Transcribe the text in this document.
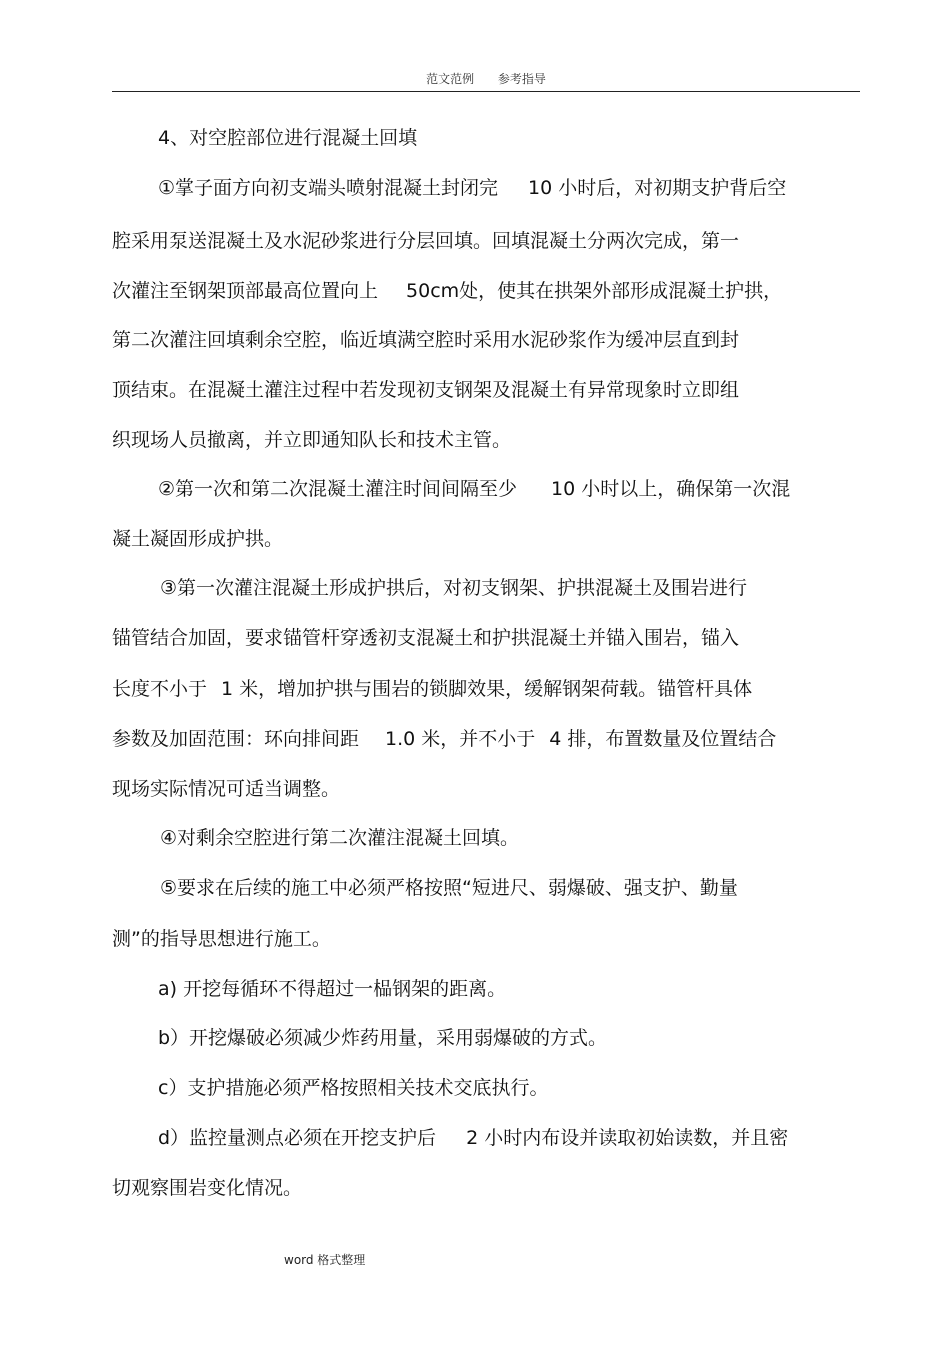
范文范例 参考指导
4、对空腔部位进行混凝土回填
①掌子面方向初支端头喷射混凝土封闭完 10 小时后，对初期支护背后空
腔采用泵送混凝土及水泥砂浆进行分层回填。回填混凝土分两次完成，第一
次灌注至钢架顶部最高位置向上 50cm处，使其在拱架外部形成混凝土护拱，
第二次灌注回填剩余空腔，临近填满空腔时采用水泥砂浆作为缓冲层直到封
顶结束。在混凝土灌注过程中若发现初支钢架及混凝土有异常现象时立即组
织现场人员撤离，并立即通知队长和技术主管。
②第一次和第二次混凝土灌注时间间隔至少 10 小时以上，确保第一次混
凝土凝固形成护拱。
③第一次灌注混凝土形成护拱后，对初支钢架、护拱混凝土及围岩进行
锚管结合加固，要求锚管杆穿透初支混凝土和护拱混凝土并锚入围岩，锚入
长度不小于 1 米，增加护拱与围岩的锁脚效果，缓解钢架荷载。锚管杆具体
参数及加固范围：环向排间距 1.0 米，并不小于 4 排，布置数量及位置结合
现场实际情况可适当调整。
④对剩余空腔进行第二次灌注混凝土回填。
⑤要求在后续的施工中必须严格按照“短进尺、弱爆破、强支护、勤量
测”的指导思想进行施工。
a) 开挖每循环不得超过一榀钢架的距离。
b）开挖爆破必须减少炸药用量，采用弱爆破的方式。
c）支护措施必须严格按照相关技术交底执行。
d）监控量测点必须在开挖支护后 2 小时内布设并读取初始读数，并且密
切观察围岩变化情况。
word 格式整理
